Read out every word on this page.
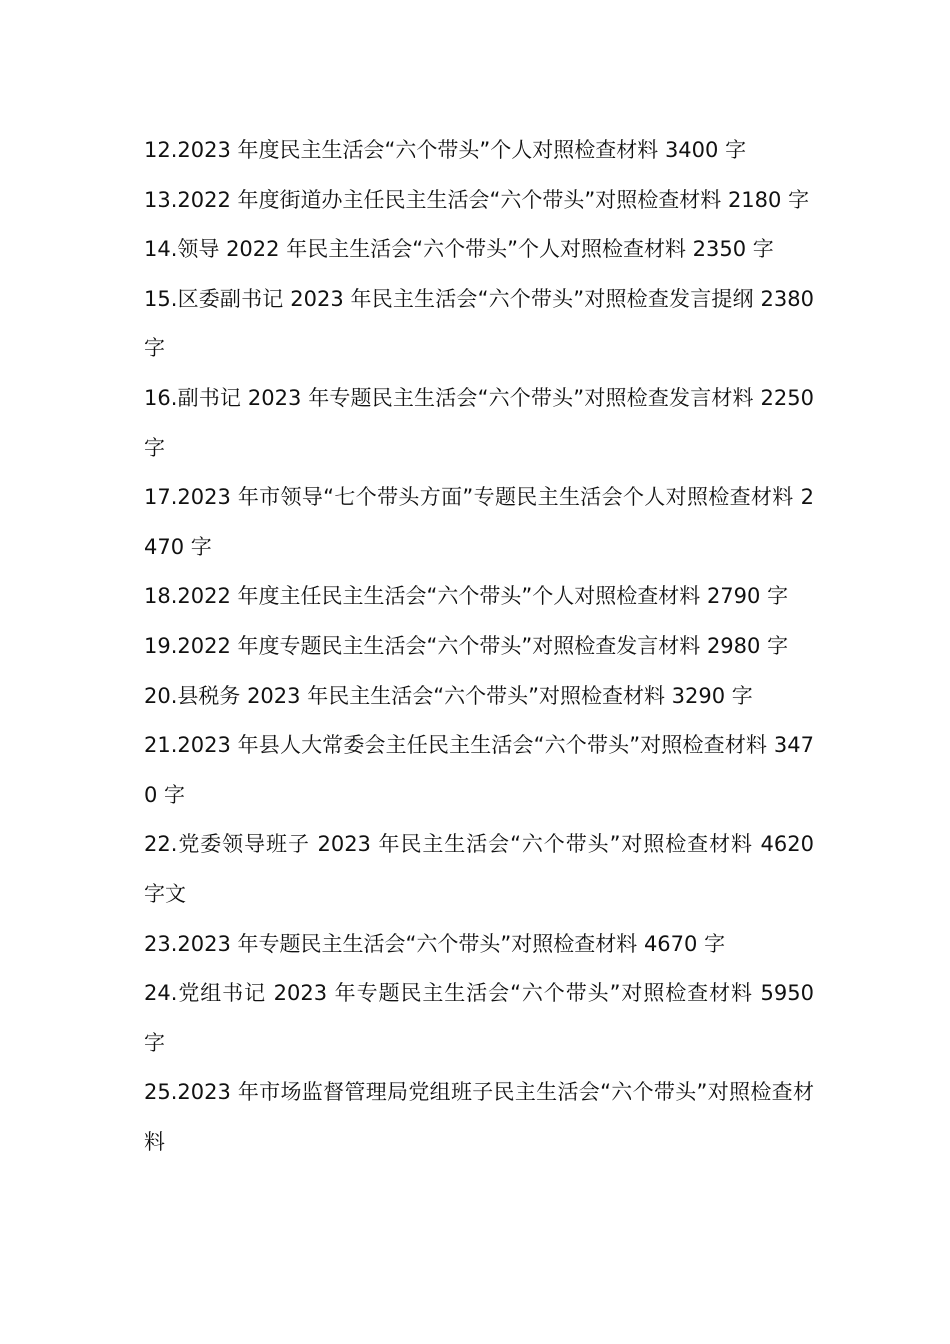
12.2023 年度民主生活会“六个带头”个人对照检查材料 3400 字

13.2022 年度街道办主任民主生活会“六个带头”对照检查材料 2180 字

14.领导 2022 年民主生活会“六个带头”个人对照检查材料 2350 字

15.区委副书记 2023 年民主生活会“六个带头”对照检查发言提纲 2380 字

16.副书记 2023 年专题民主生活会“六个带头”对照检查发言材料 2250 字

17.2023 年市领导“七个带头方面”专题民主生活会个人对照检查材料 2470 字

18.2022 年度主任民主生活会“六个带头”个人对照检查材料 2790 字

19.2022 年度专题民主生活会“六个带头”对照检查发言材料 2980 字

20.县税务 2023 年民主生活会“六个带头”对照检查材料 3290 字

21.2023 年县人大常委会主任民主生活会“六个带头”对照检查材料 3470 字

22.党委领导班子 2023 年民主生活会“六个带头”对照检查材料 4620 字文

23.2023 年专题民主生活会“六个带头”对照检查材料 4670 字

24.党组书记 2023 年专题民主生活会“六个带头”对照检查材料 5950 字

25.2023 年市场监督管理局党组班子民主生活会“六个带头”对照检查材料
